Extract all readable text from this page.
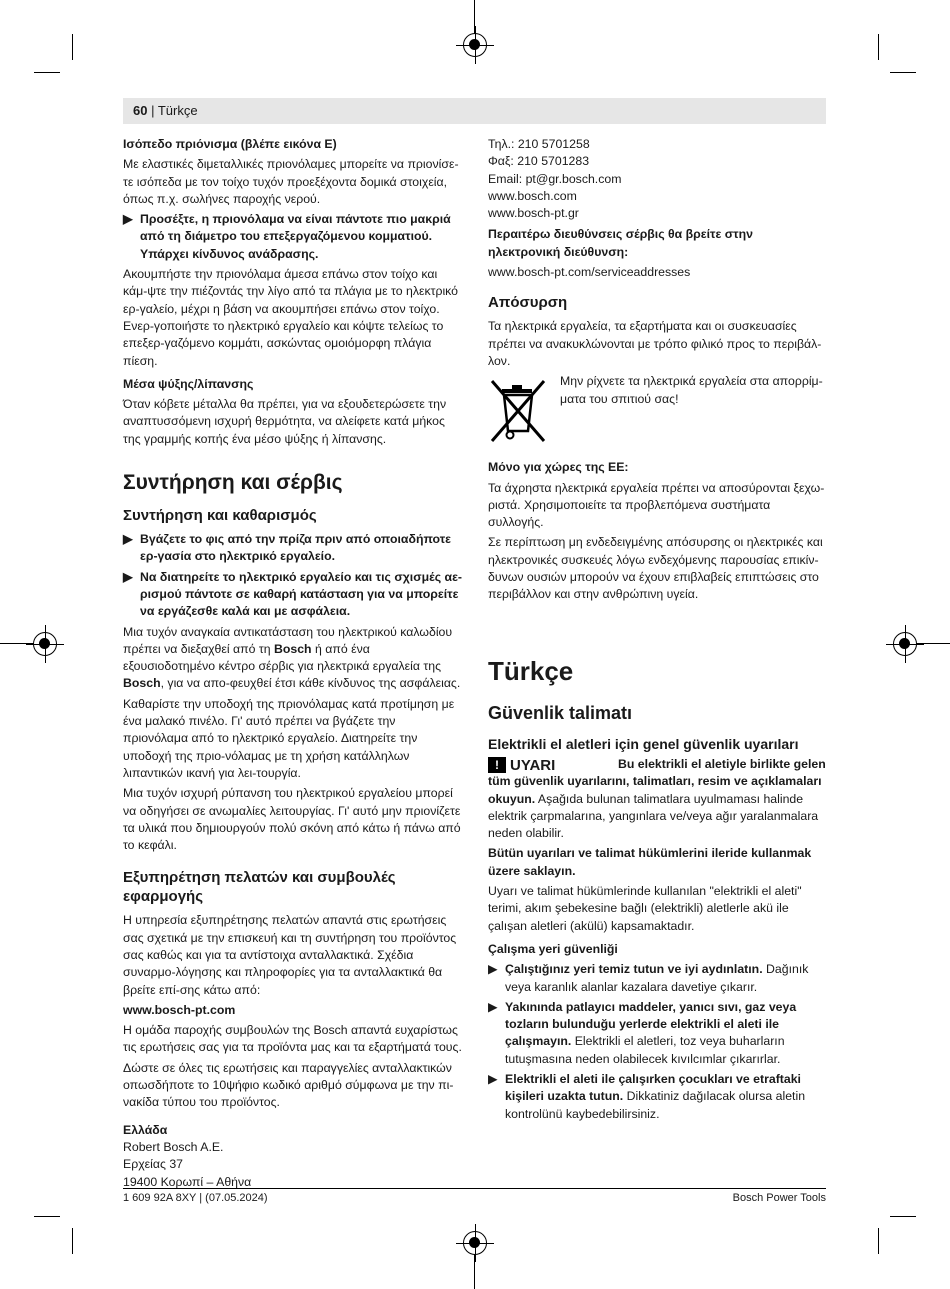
60 | Türkçe

Ισόπεδο πριόνισμα (βλέπε εικόνα E)

Με ελαστικές διμεταλλικές πριονόλαμες μπορείτε να πριονίσε-τε ισόπεδα με τον τοίχο τυχόν προεξέχοντα δομικά στοιχεία, όπως π.χ. σωλήνες παροχής νερού.

▶ Προσέξτε, η πριονόλαμα να είναι πάντοτε πιο μακριά από τη διάμετρο του επεξεργαζόμενου κομματιού. Υπάρχει κίνδυνος ανάδρασης.

Ακουμπήστε την πριονόλαμα άμεσα επάνω στον τοίχο και κάμ-ψτε την πιέζοντάς την λίγο από τα πλάγια με το ηλεκτρικό ερ-γαλείο, μέχρι η βάση να ακουμπήσει επάνω στον τοίχο. Ενερ-γοποιήστε το ηλεκτρικό εργαλείο και κόψτε τελείως το επεξερ-γαζόμενο κομμάτι, ασκώντας ομοιόμορφη πλάγια πίεση.

Μέσα ψύξης/λίπανσης

Όταν κόβετε μέταλλα θα πρέπει, για να εξουδετερώσετε την αναπτυσσόμενη ισχυρή θερμότητα, να αλείφετε κατά μήκος της γραμμής κοπής ένα μέσο ψύξης ή λίπανσης.

Συντήρηση και σέρβις
Συντήρηση και καθαρισμός

▶ Βγάζετε το φις από την πρίζα πριν από οποιαδήποτε ερ-γασία στο ηλεκτρικό εργαλείο.

▶ Να διατηρείτε το ηλεκτρικό εργαλείο και τις σχισμές αε-ρισμού πάντοτε σε καθαρή κατάσταση για να μπορείτε να εργάζεσθε καλά και με ασφάλεια.

Μια τυχόν αναγκαία αντικατάσταση του ηλεκτρικού καλωδίου πρέπει να διεξαχθεί από τη Bosch ή από ένα εξουσιοδοτημένο κέντρο σέρβις για ηλεκτρικά εργαλεία της Bosch, για να απο-φευχθεί έτσι κάθε κίνδυνος της ασφάλειας.

Καθαρίστε την υποδοχή της πριονόλαμας κατά προτίμηση με ένα μαλακό πινέλο. Γι' αυτό πρέπει να βγάζετε την πριονόλαμα από το ηλεκτρικό εργαλείο. Διατηρείτε την υποδοχή της πριο-νόλαμας με τη χρήση κατάλληλων λιπαντικών ικανή για λει-τουργία.

Μια τυχόν ισχυρή ρύπανση του ηλεκτρικού εργαλείου μπορεί να οδηγήσει σε ανωμαλίες λειτουργίας. Γι' αυτό μην πριονίζετε τα υλικά που δημιουργούν πολύ σκόνη από κάτω ή πάνω από το κεφάλι.

Εξυπηρέτηση πελατών και συμβουλές εφαρμογής

Η υπηρεσία εξυπηρέτησης πελατών απαντά στις ερωτήσεις σας σχετικά με την επισκευή και τη συντήρηση του προϊόντος σας καθώς και για τα αντίστοιχα ανταλλακτικά. Σχέδια συναρμο-λόγησης και πληροφορίες για τα ανταλλακτικά θα βρείτε επί-σης κάτω από:

www.bosch-pt.com

Η ομάδα παροχής συμβουλών της Bosch απαντά ευχαρίστως τις ερωτήσεις σας για τα προϊόντα μας και τα εξαρτήματά τους.

Δώστε σε όλες τις ερωτήσεις και παραγγελίες ανταλλακτικών οπωσδήποτε το 10ψήφιο κωδικό αριθμό σύμφωνα με την πι-νακίδα τύπου του προϊόντος.

Ελλάδα

Robert Bosch A.E.

Ερχείας 37

19400 Κορωπί – Αθήνα

Τηλ.: 210 5701258

Φαξ: 210 5701283

Email: pt@gr.bosch.com

www.bosch.com

www.bosch-pt.gr

Περαιτέρω διευθύνσεις σέρβις θα βρείτε στην ηλεκτρονική διεύθυνση:

www.bosch-pt.com/serviceaddresses

Απόσυρση

Τα ηλεκτρικά εργαλεία, τα εξαρτήματα και οι συσκευασίες πρέπει να ανακυκλώνονται με τρόπο φιλικό προς το περιβάλ-λον.

Μην ρίχνετε τα ηλεκτρικά εργαλεία στα απορρίμ-ματα του σπιτιού σας!

Μόνο για χώρες της ΕΕ:

Τα άχρηστα ηλεκτρικά εργαλεία πρέπει να αποσύρονται ξεχω-ριστά. Χρησιμοποιείτε τα προβλεπόμενα συστήματα συλλογής.

Σε περίπτωση μη ενδεδειγμένης απόσυρσης οι ηλεκτρικές και ηλεκτρονικές συσκευές λόγω ενδεχόμενης παρουσίας επικίν-δυνων ουσιών μπορούν να έχουν επιβλαβείς επιπτώσεις στο περιβάλλον και στην ανθρώπινη υγεία.

Türkçe
Güvenlik talimatı
Elektrikli el aletleri için genel güvenlik uyarıları
! UYARI	Bu elektrikli el aletiyle birlikte gelen tüm güvenlik uyarılarını, talimatları, resim ve açıklamaları okuyun. Aşağıda bulunan talimatlara uyulmaması halinde elektrik çarpmalarına, yangınlara ve/veya ağır yaralanmalara neden olabilir.

Bütün uyarıları ve talimat hükümlerini ileride kullanmak üzere saklayın.

Uyarı ve talimat hükümlerinde kullanılan "elektrikli el aleti" terimi, akım şebekesine bağlı (elektrikli) aletlerle akü ile çalışan aletleri (akülü) kapsamaktadır.

Çalışma yeri güvenliği

▶ Çalıştığınız yeri temiz tutun ve iyi aydınlatın. Dağınık veya karanlık alanlar kazalara davetiye çıkarır.

▶ Yakınında patlayıcı maddeler, yanıcı sıvı, gaz veya tozların bulunduğu yerlerde elektrikli el aleti ile çalışmayın. Elektrikli el aletleri, toz veya buharların tutuşmasına neden olabilecek kıvılcımlar çıkarırlar.

▶ Elektrikli el aleti ile çalışırken çocukları ve etraftaki kişileri uzakta tutun. Dikkatiniz dağılacak olursa aletin kontrolünü kaybedebilirsiniz.

1 609 92A 8XY | (07.05.2024)	Bosch Power Tools
